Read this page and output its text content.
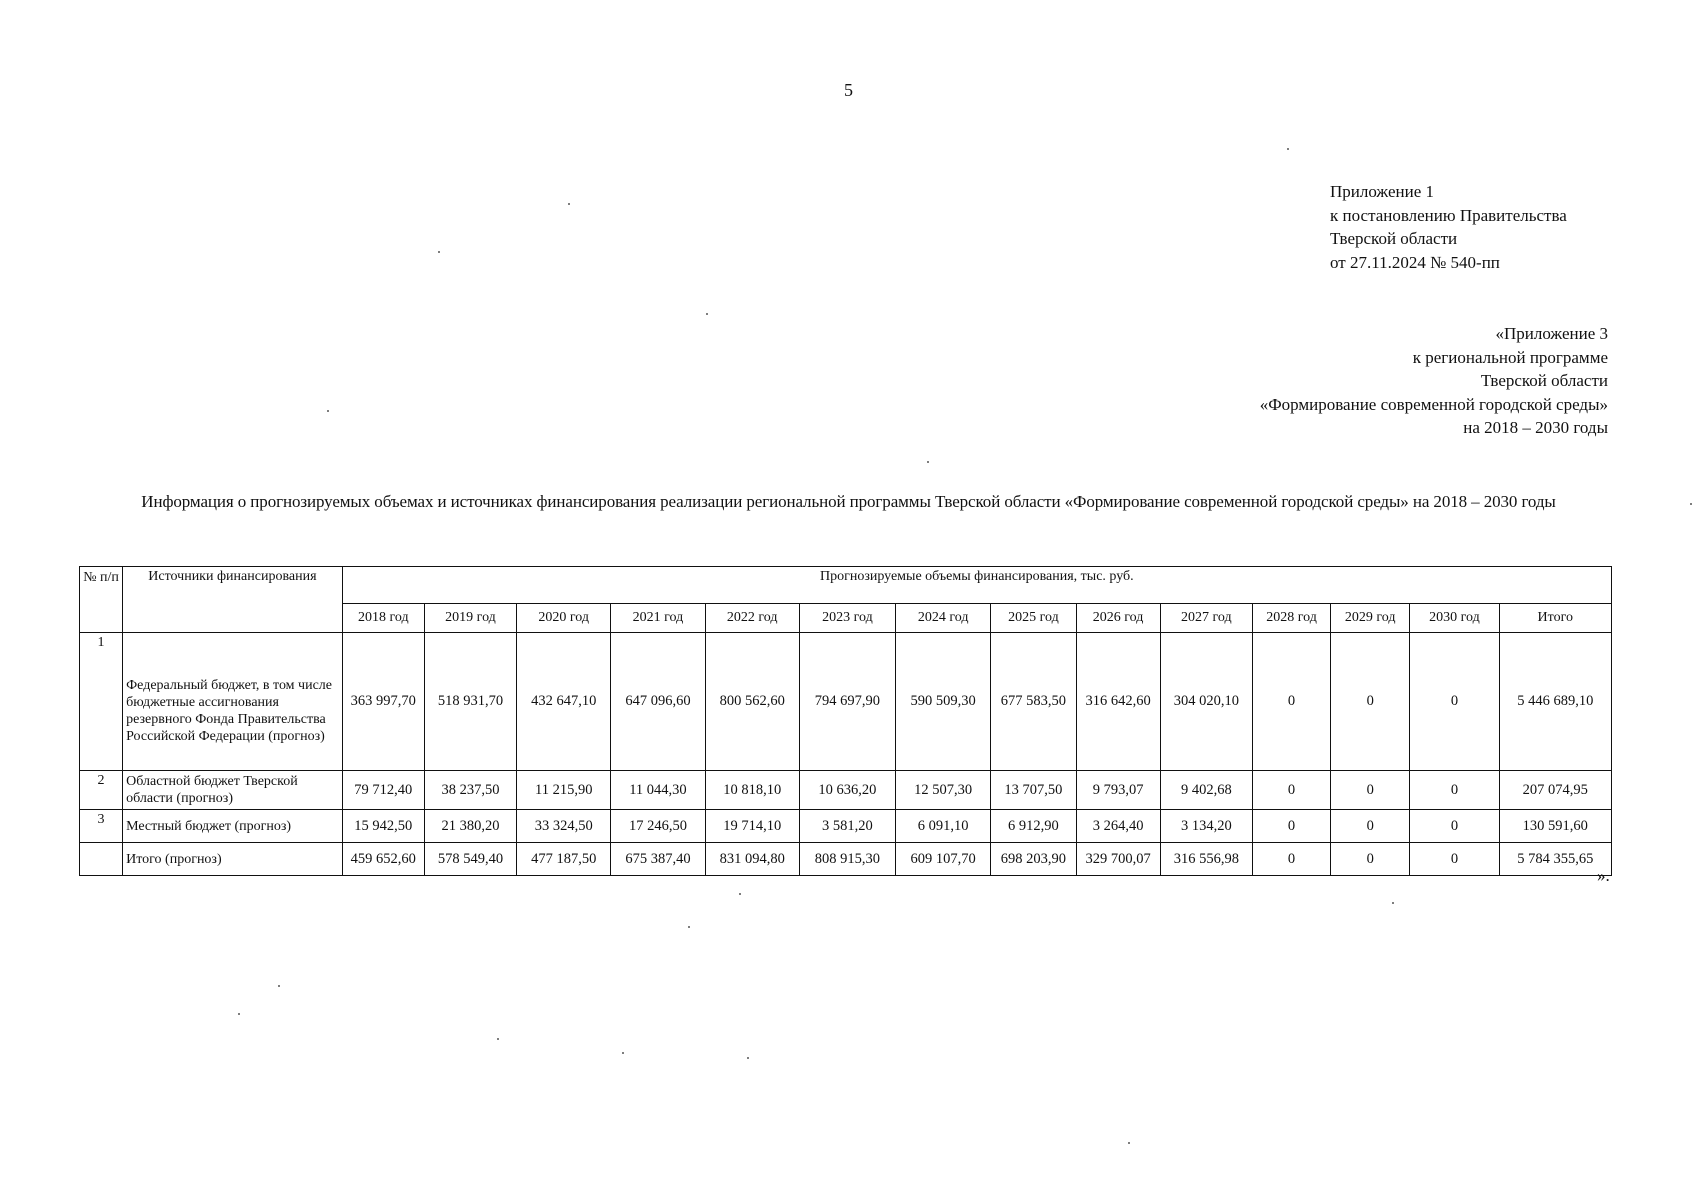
5
Приложение 1
к постановлению Правительства
Тверской области
от 27.11.2024 № 540-пп
«Приложение 3
к региональной программе
Тверской области
«Формирование современной городской среды»
на 2018 – 2030 годы
Информация о прогнозируемых объемах и источниках финансирования реализации региональной программы Тверской области «Формирование современной городской среды» на 2018 – 2030 годы
№ п/п	Источники финансирования	Прогнозируемые объемы финансирования, тыс. руб.													
		2018 год	2019 год	2020 год	2021 год	2022 год	2023 год	2024 год	2025 год	2026 год	2027 год	2028 год	2029 год	2030 год	Итого
1	Федеральный бюджет, в том числе бюджетные ассигнования резервного Фонда Правительства Российской Федерации (прогноз)	363 997,70	518 931,70	432 647,10	647 096,60	800 562,60	794 697,90	590 509,30	677 583,50	316 642,60	304 020,10	0	0	0	5 446 689,10
2	Областной бюджет Тверской области (прогноз)	79 712,40	38 237,50	11 215,90	11 044,30	10 818,10	10 636,20	12 507,30	13 707,50	9 793,07	9 402,68	0	0	0	207 074,95
3	Местный бюджет (прогноз)	15 942,50	21 380,20	33 324,50	17 246,50	19 714,10	3 581,20	6 091,10	6 912,90	3 264,40	3 134,20	0	0	0	130 591,60
	Итого (прогноз)	459 652,60	578 549,40	477 187,50	675 387,40	831 094,80	808 915,30	609 107,70	698 203,90	329 700,07	316 556,98	0	0	0	5 784 355,65
».
